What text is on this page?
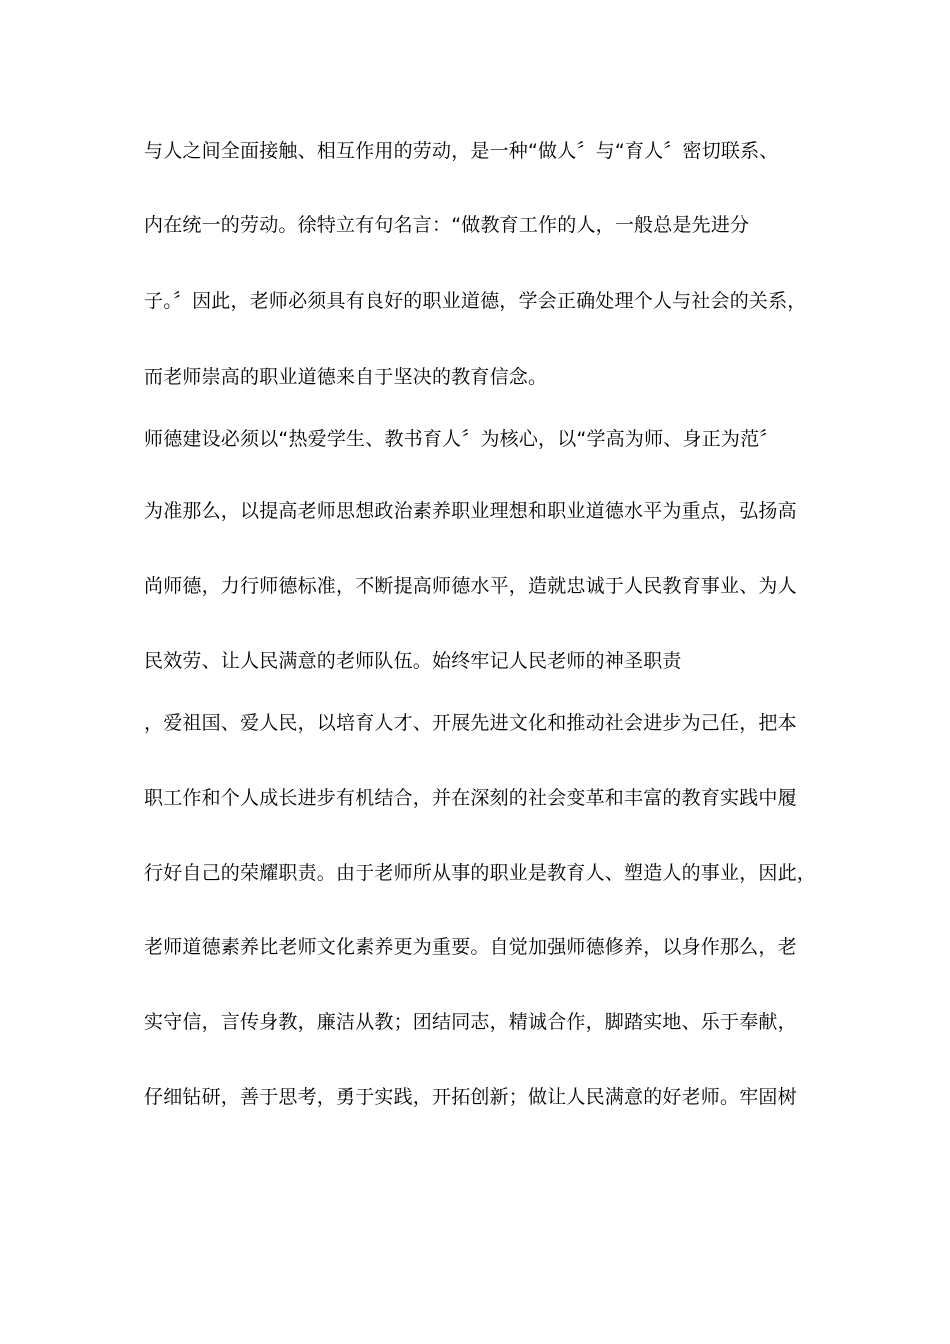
与人之间全面接触、相互作用的劳动，是一种“做人〞与“育人〞密切联系、
内在统一的劳动。徐特立有句名言：“做教育工作的人，一般总是先进分
子。〞因此，老师必须具有良好的职业道德，学会正确处理个人与社会的关系，
而老师崇高的职业道德来自于坚决的教育信念。
师德建设必须以“热爱学生、教书育人〞为核心，以“学高为师、身正为范〞
为准那么，以提高老师思想政治素养职业理想和职业道德水平为重点，弘扬高
尚师德，力行师德标准，不断提高师德水平，造就忠诚于人民教育事业、为人
民效劳、让人民满意的老师队伍。始终牢记人民老师的神圣职责
，爱祖国、爱人民，以培育人才、开展先进文化和推动社会进步为己任，把本
职工作和个人成长进步有机结合，并在深刻的社会变革和丰富的教育实践中履
行好自己的荣耀职责。由于老师所从事的职业是教育人、塑造人的事业，因此，
老师道德素养比老师文化素养更为重要。自觉加强师德修养，以身作那么，老
实守信，言传身教，廉洁从教；团结同志，精诚合作，脚踏实地、乐于奉献，
仔细钻研，善于思考，勇于实践，开拓创新；做让人民满意的好老师。牢固树
